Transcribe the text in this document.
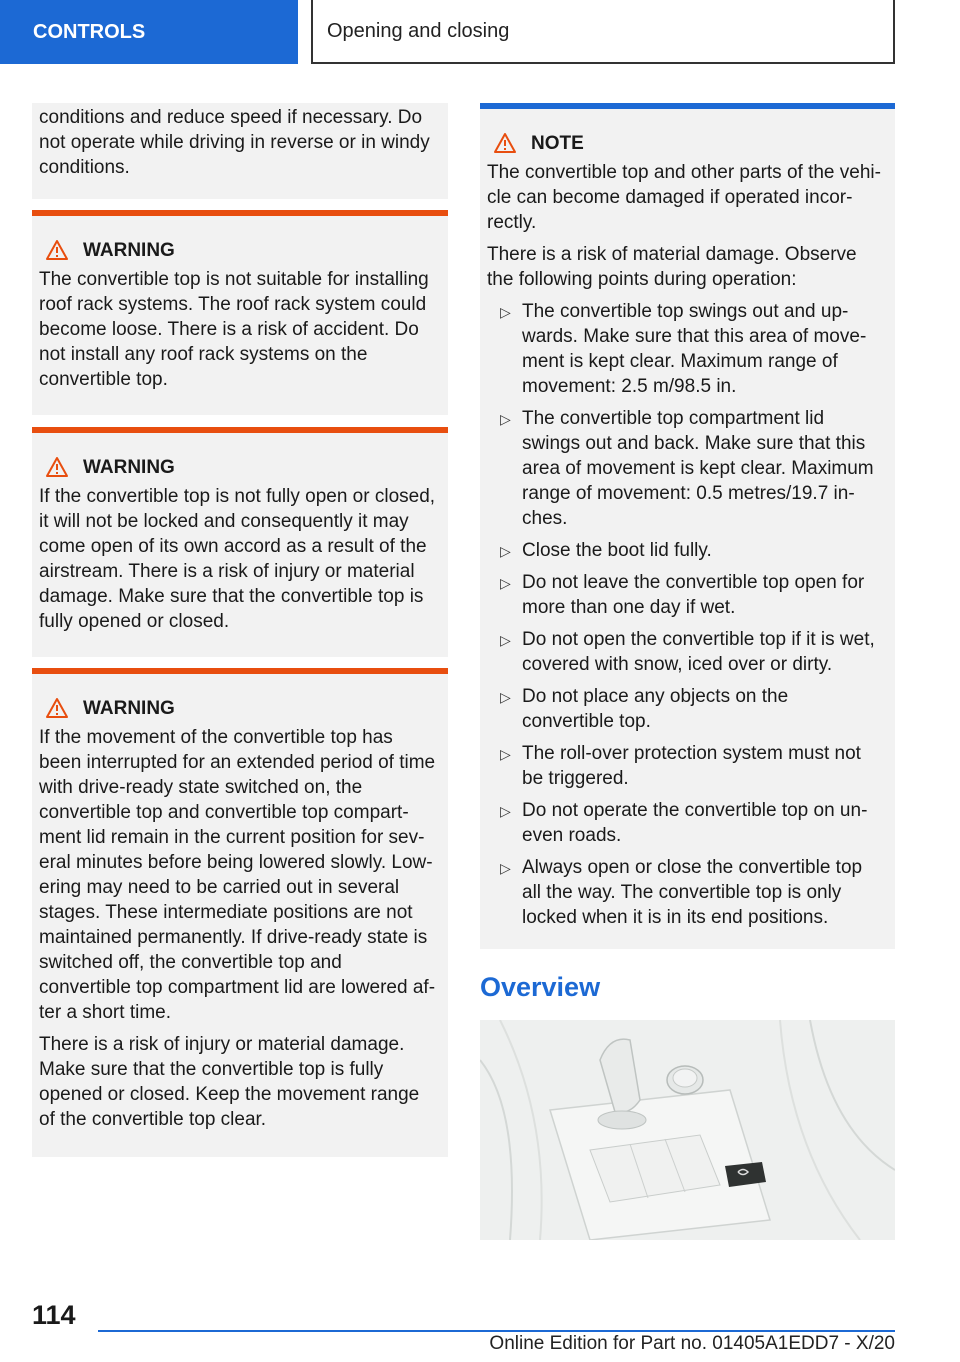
CONTROLS	Opening and closing

conditions and reduce speed if necessary. Do not operate while driving in reverse or in windy conditions.

WARNING

The convertible top is not suitable for installing roof rack systems. The roof rack system could become loose. There is a risk of accident. Do not install any roof rack systems on the convertible top.

WARNING

If the convertible top is not fully open or closed, it will not be locked and consequently it may come open of its own accord as a result of the airstream. There is a risk of injury or material damage. Make sure that the convertible top is fully opened or closed.

WARNING

If the movement of the convertible top has been interrupted for an extended period of time with drive-ready state switched on, the convertible top and convertible top compartment lid remain in the current position for several minutes before being lowered slowly. Lowering may need to be carried out in several stages. These intermediate positions are not maintained permanently. If drive-ready state is switched off, the convertible top and convertible top compartment lid are lowered after a short time.

There is a risk of injury or material damage. Make sure that the convertible top is fully opened or closed. Keep the movement range of the convertible top clear.

NOTE

The convertible top and other parts of the vehicle can become damaged if operated incorrectly.

There is a risk of material damage. Observe the following points during operation:

▷ The convertible top swings out and upwards. Make sure that this area of movement is kept clear. Maximum range of movement: 2.5 m/98.5 in.
▷ The convertible top compartment lid swings out and back. Make sure that this area of movement is kept clear. Maximum range of movement: 0.5 metres/19.7 inches.
▷ Close the boot lid fully.
▷ Do not leave the convertible top open for more than one day if wet.
▷ Do not open the convertible top if it is wet, covered with snow, iced over or dirty.
▷ Do not place any objects on the convertible top.
▷ The roll-over protection system must not be triggered.
▷ Do not operate the convertible top on uneven roads.
▷ Always open or close the convertible top all the way. The convertible top is only locked when it is in its end positions.
Overview
114
Online Edition for Part no. 01405A1EDD7 - X/20
